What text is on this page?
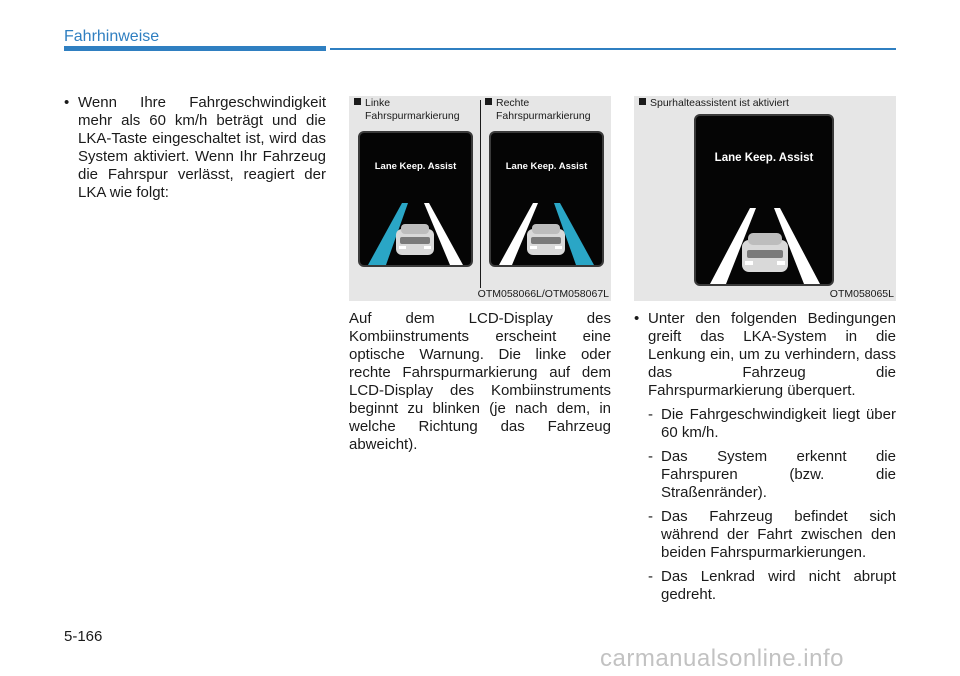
Fahrhinweise
• Wenn Ihre Fahrgeschwindigkeit mehr als 60 km/h beträgt und die LKA-Taste eingeschaltet ist, wird das System aktiviert. Wenn Ihr Fahrzeug die Fahrspur verlässt, reagiert der LKA wie folgt:
Linke
Fahrspurmarkierung
Rechte
Fahrspurmarkierung
Lane Keep. Assist	Lane Keep. Assist
OTM058066L/OTM058067L
Spurhalteassistent ist aktiviert
Lane Keep. Assist
OTM058065L
Auf dem LCD-Display des Kombiinstruments erscheint eine optische Warnung. Die linke oder rechte Fahrspurmarkierung auf dem LCD-Display des Kombiinstruments beginnt zu blinken (je nach dem, in welche Richtung das Fahrzeug abweicht).
• Unter den folgenden Bedingungen greift das LKA-System in die Lenkung ein, um zu verhindern, dass das Fahrzeug die Fahrspurmarkierung überquert.
- Die Fahrgeschwindigkeit liegt über 60 km/h.
- Das System erkennt die Fahrspuren (bzw. die Straßenränder).
- Das Fahrzeug befindet sich während der Fahrt zwischen den beiden Fahrspurmarkierungen.
- Das Lenkrad wird nicht abrupt gedreht.
5-166
carmanualsonline.info
